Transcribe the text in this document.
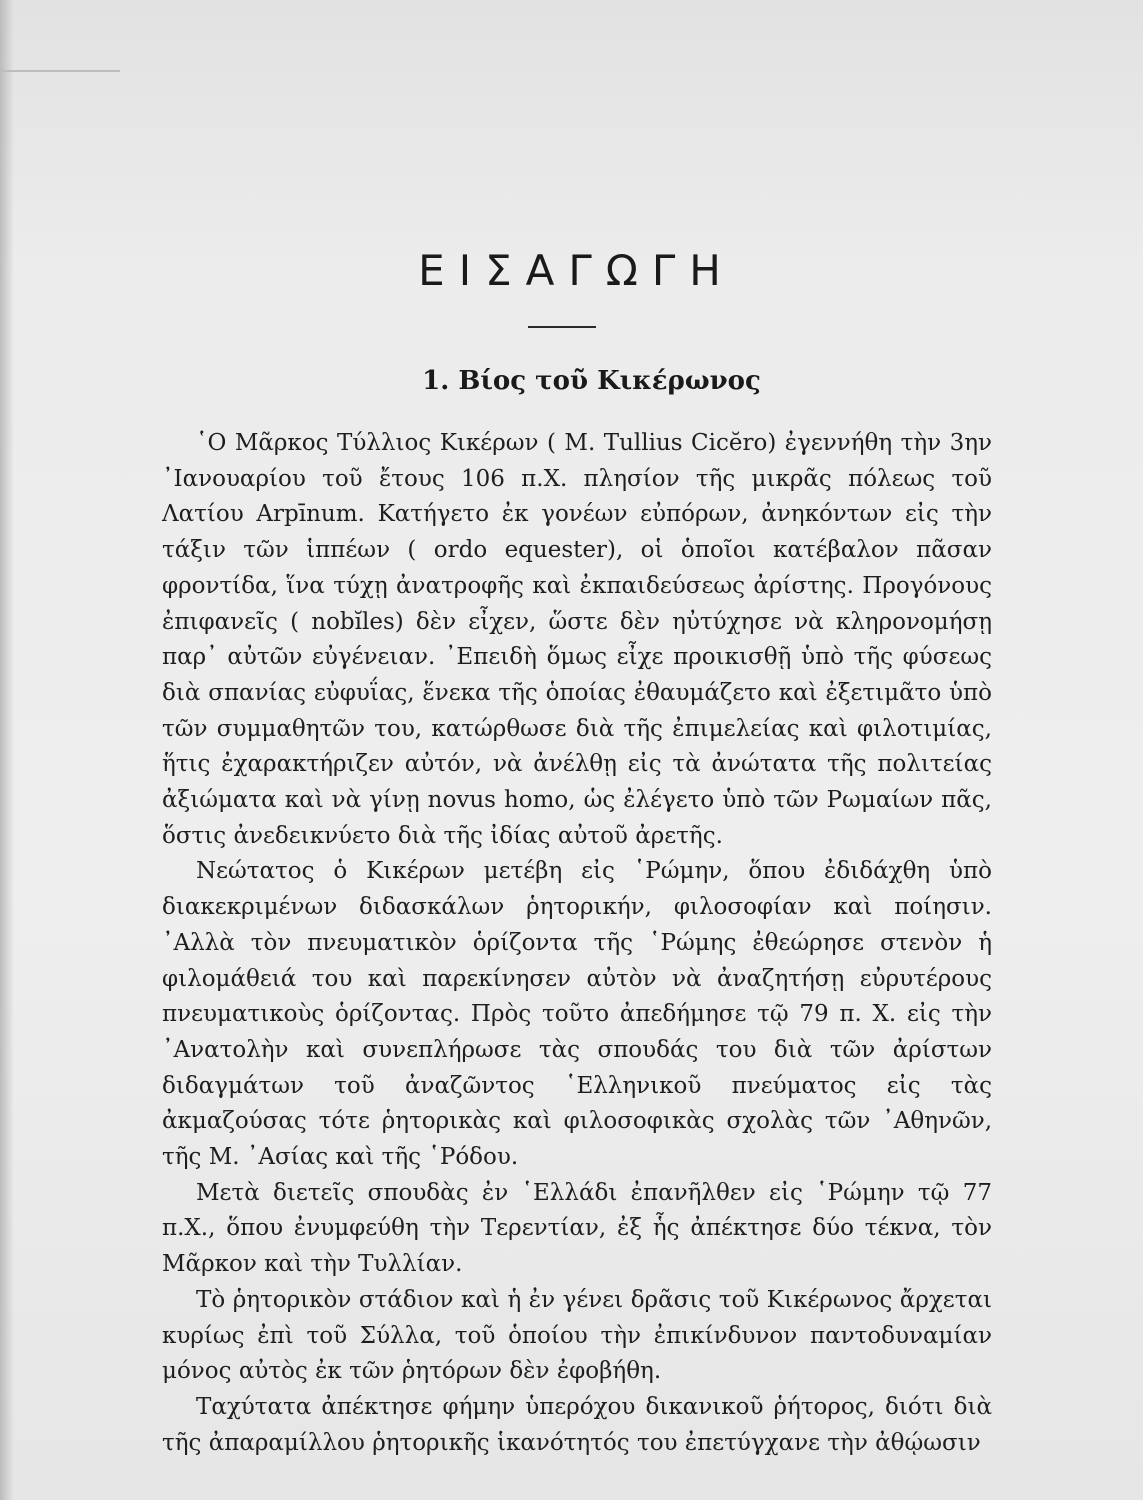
ΕΙΣΑΓΩΓΗ
1. Βίος τοῦ Κικέρωνος

῾Ο Μᾶρκος Τύλλιος Κικέρων ( M. Tullius Cicĕro) ἐγεννήθη τὴν 3ην ᾿Ιανουαρίου τοῦ ἔτους 106 π.Χ. πλησίον τῆς μικρᾶς πόλεως τοῦ Λατίου Arpīnum. Κατήγετο ἐκ γονέων εὐπόρων, ἀνηκόντων εἰς τὴν τάξιν τῶν ἱππέων ( ordo equester), οἱ ὁποῖοι κατέβαλον πᾶσαν φροντίδα, ἵνα τύχῃ ἀνατροφῆς καὶ ἐκπαιδεύσεως ἀρίστης. Προγόνους ἐπιφανεῖς ( nobĭles) δὲν εἶχεν, ὥστε δὲν ηὐτύχησε νὰ κληρονομήσῃ παρ᾿ αὐτῶν εὐγένειαν. ᾿Επειδὴ ὅμως εἶχε προικισθῇ ὑπὸ τῆς φύσεως διὰ σπανίας εὐφυΐας, ἕνεκα τῆς ὁποίας ἐθαυμάζετο καὶ ἐξετιμᾶτο ὑπὸ τῶν συμμαθητῶν του, κατώρθωσε διὰ τῆς ἐπιμελείας καὶ φιλοτιμίας, ἥτις ἐχαρακτήριζεν αὐτόν, νὰ ἀνέλθῃ εἰς τὰ ἀνώτατα τῆς πολιτείας ἀξιώματα καὶ νὰ γίνῃ novus homo, ὡς ἐλέγετο ὑπὸ τῶν Ρωμαίων πᾶς, ὅστις ἀνεδεικνύετο διὰ τῆς ἰδίας αὐτοῦ ἀρετῆς.

Νεώτατος ὁ Κικέρων μετέβη εἰς ῾Ρώμην, ὅπου ἐδιδάχθη ὑπὸ διακεκριμένων διδασκάλων ῥητορικήν, φιλοσοφίαν καὶ ποίησιν. ᾿Αλλὰ τὸν πνευματικὸν ὁρίζοντα τῆς ῾Ρώμης ἐθεώρησε στενὸν ἡ φιλομάθειά του καὶ παρεκίνησεν αὐτὸν νὰ ἀναζητήσῃ εὐρυτέρους πνευματικοὺς ὁρίζοντας. Πρὸς τοῦτο ἀπεδήμησε τῷ 79 π. Χ. εἰς τὴν ᾿Ανατολὴν καὶ συνεπλήρωσε τὰς σπουδάς του διὰ τῶν ἀρίστων διδαγμάτων τοῦ ἀναζῶντος ῾Ελληνικοῦ πνεύματος εἰς τὰς ἀκμαζούσας τότε ῥητορικὰς καὶ φιλοσοφικὰς σχολὰς τῶν ᾿Αθηνῶν, τῆς Μ. ᾿Ασίας καὶ τῆς ῾Ρόδου.

Μετὰ διετεῖς σπουδὰς ἐν ῾Ελλάδι ἐπανῆλθεν εἰς ῾Ρώμην τῷ 77 π.Χ., ὅπου ἐνυμφεύθη τὴν Τερεντίαν, ἐξ ἧς ἀπέκτησε δύο τέκνα, τὸν Μᾶρκον καὶ τὴν Τυλλίαν.

Τὸ ῥητορικὸν στάδιον καὶ ἡ ἐν γένει δρᾶσις τοῦ Κικέρωνος ἄρχεται κυρίως ἐπὶ τοῦ Σύλλα, τοῦ ὁποίου τὴν ἐπικίνδυνον παντοδυναμίαν μόνος αὐτὸς ἐκ τῶν ῥητόρων δὲν ἐφοβήθη.

Ταχύτατα ἀπέκτησε φήμην ὑπερόχου δικανικοῦ ῥήτορος, διότι διὰ τῆς ἀπαραμίλλου ῥητορικῆς ἱκανότητός του ἐπετύγχανε τὴν ἀθῴωσιν
